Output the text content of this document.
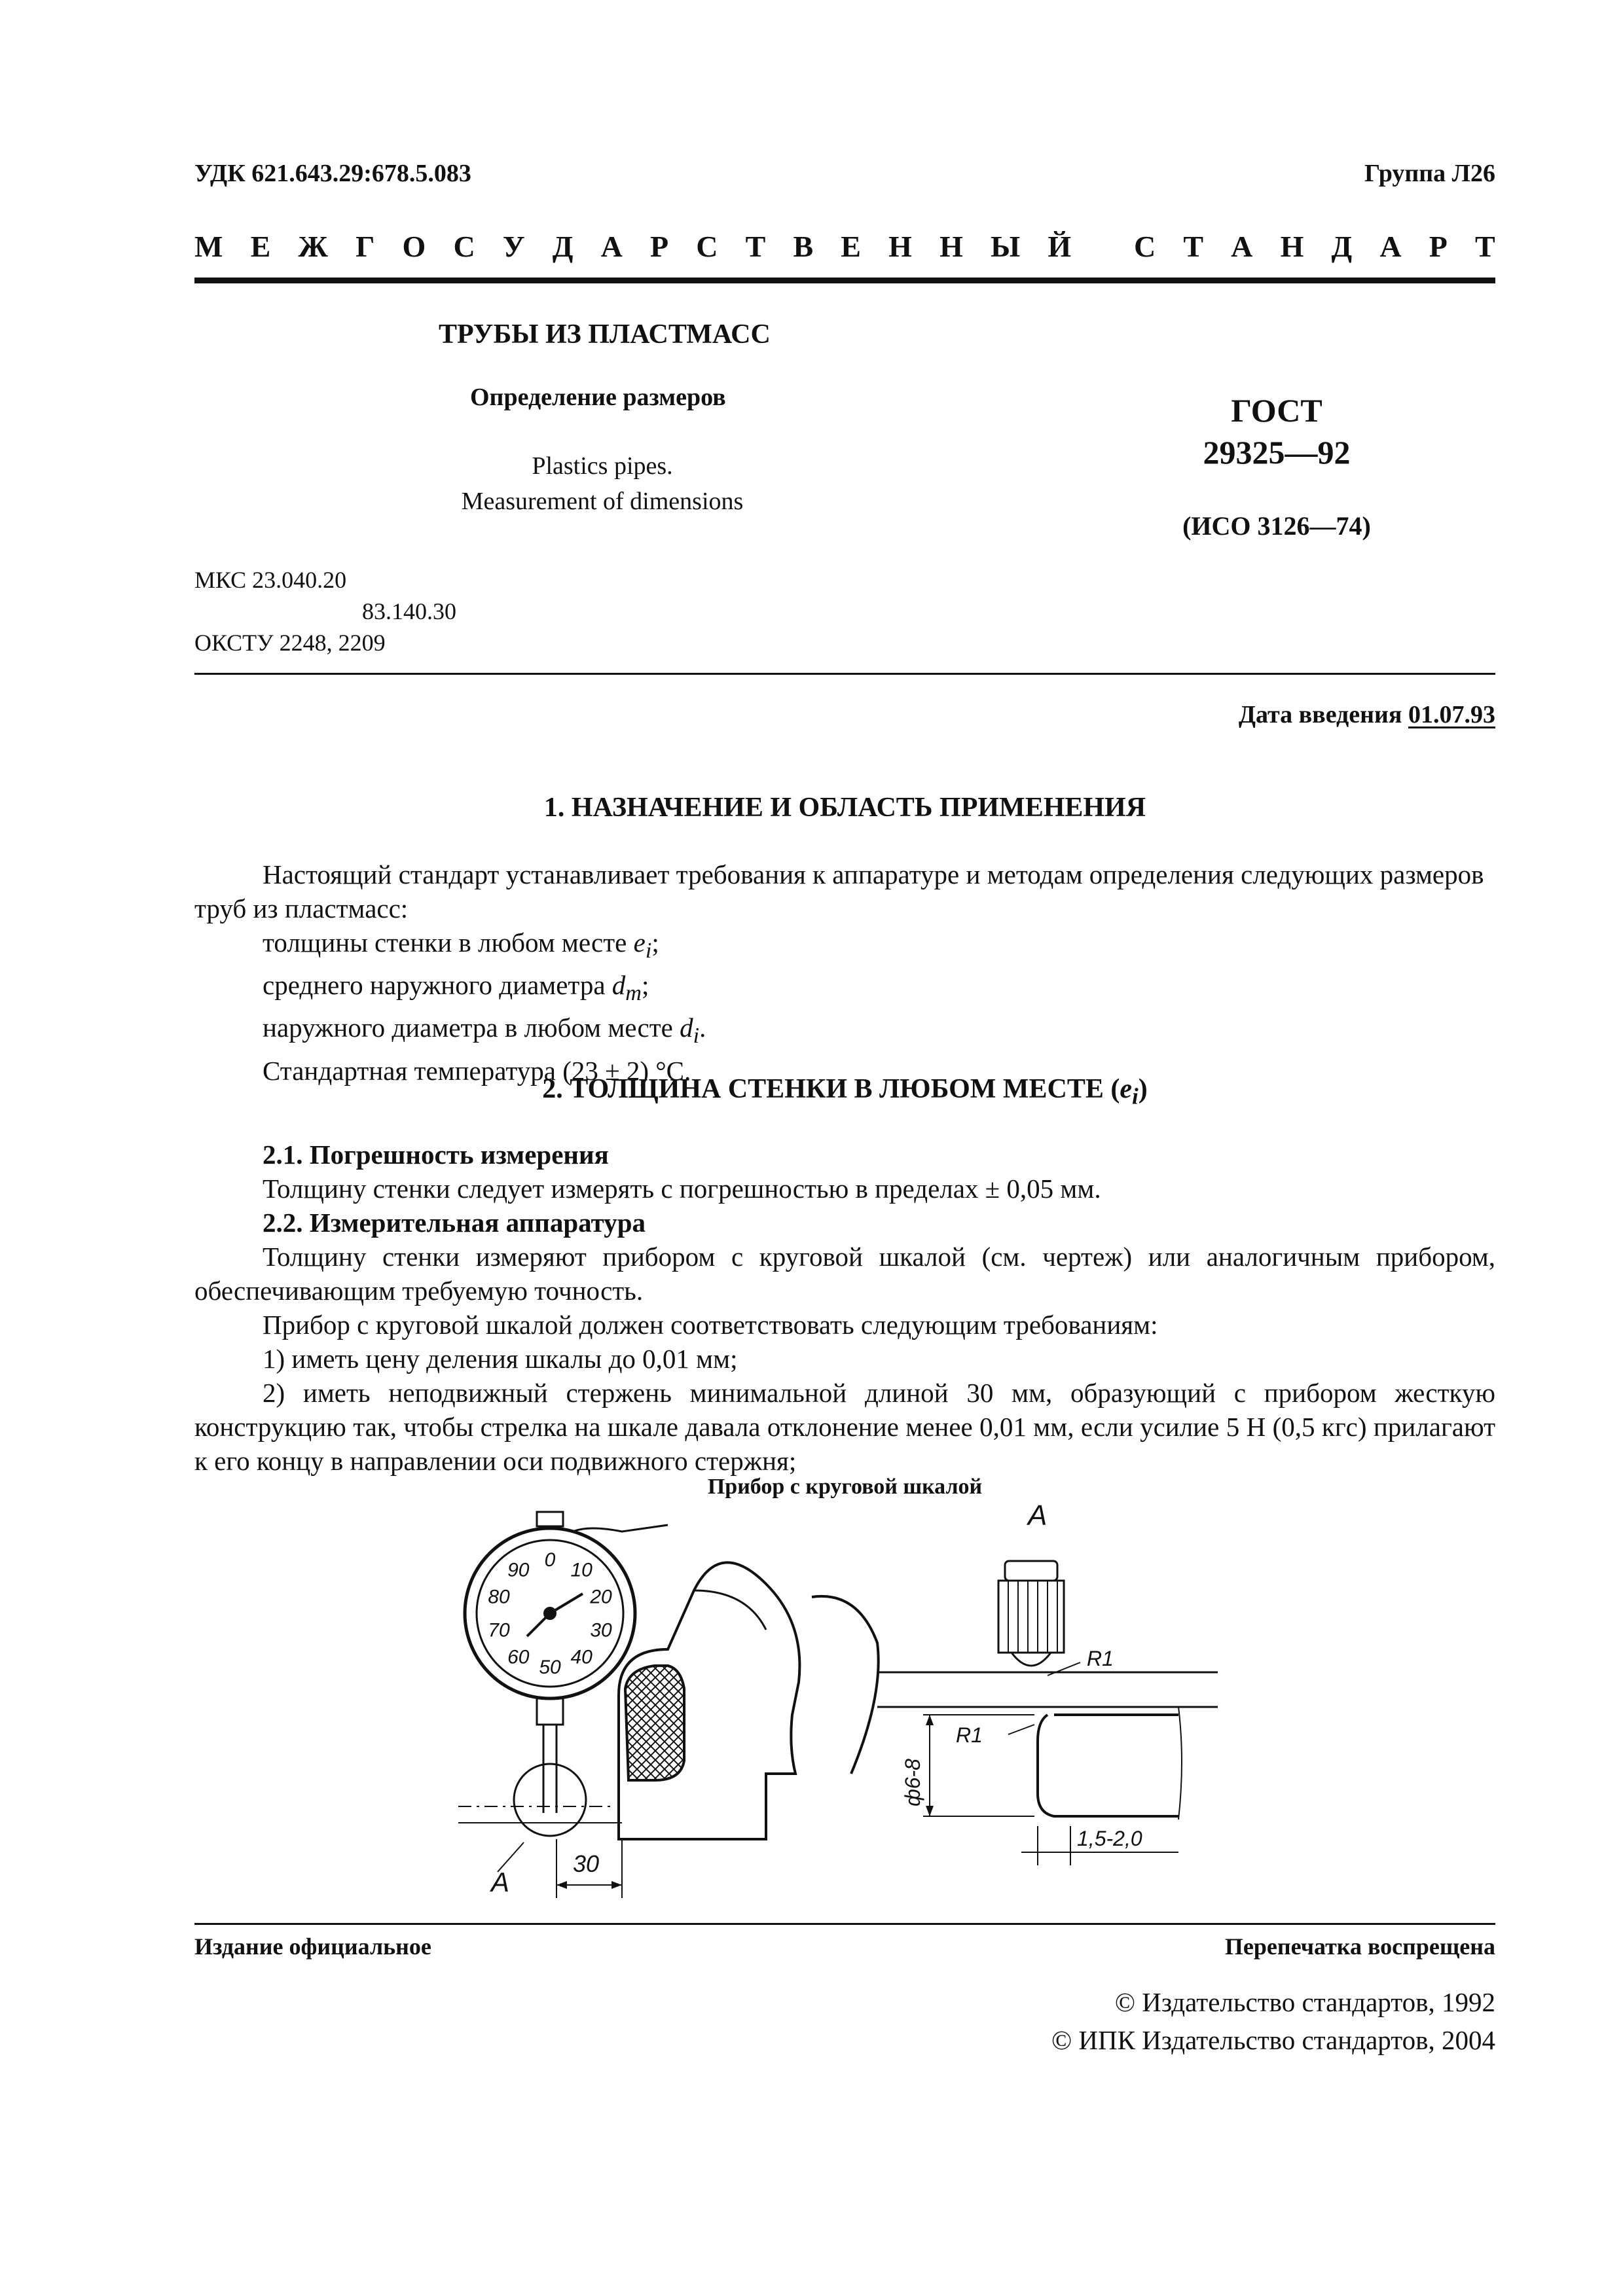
УДК 621.643.29:678.5.083	Группа Л26
М Е Ж Г О С У Д А Р С Т В Е Н Н Ы Й
С Т А Н Д А Р Т
ТРУБЫ ИЗ ПЛАСТМАСС
Определение размеров
Plastics pipes.
Measurement of dimensions
ГОСТ
29325—92
(ИСО 3126—74)
МКС 23.040.20
83.140.30
ОКСТУ 2248, 2209
Дата введения 01.07.93
1. НАЗНАЧЕНИЕ И ОБЛАСТЬ ПРИМЕНЕНИЯ
Настоящий стандарт устанавливает требования к аппаратуре и методам определения следующих размеров труб из пластмасс:
толщины стенки в любом месте $e_i$;
среднего наружного диаметра $d_m$;
наружного диаметра в любом месте $d_i$.
Стандартная температура (23 ± 2) °С.
2. ТОЛЩИНА СТЕНКИ В ЛЮБОМ МЕСТЕ $(e_i)$
2.1. Погрешность измерения
Толщину стенки следует измерять с погрешностью в пределах ± 0,05 мм.
2.2. Измерительная аппаратура
Толщину стенки измеряют прибором с круговой шкалой (см. чертеж) или аналогичным прибором, обеспечивающим требуемую точность.
Прибор с круговой шкалой должен соответствовать следующим требованиям:
1) иметь цену деления шкалы до 0,01 мм;
2) иметь неподвижный стержень минимальной длиной 30 мм, образующий с прибором жесткую конструкцию так, чтобы стрелка на шкале давала отклонение менее 0,01 мм, если усилие 5 Н (0,5 кгс) прилагают к его концу в направлении оси подвижного стержня;
Прибор с круговой шкалой
0 10
20
30
40
50
60
70
80
90
30
A
A
R1
R1
ф6-8
1,5-2,0
Издание официальное	Перепечатка воспрещена
© Издательство стандартов, 1992
© ИПК Издательство стандартов, 2004
